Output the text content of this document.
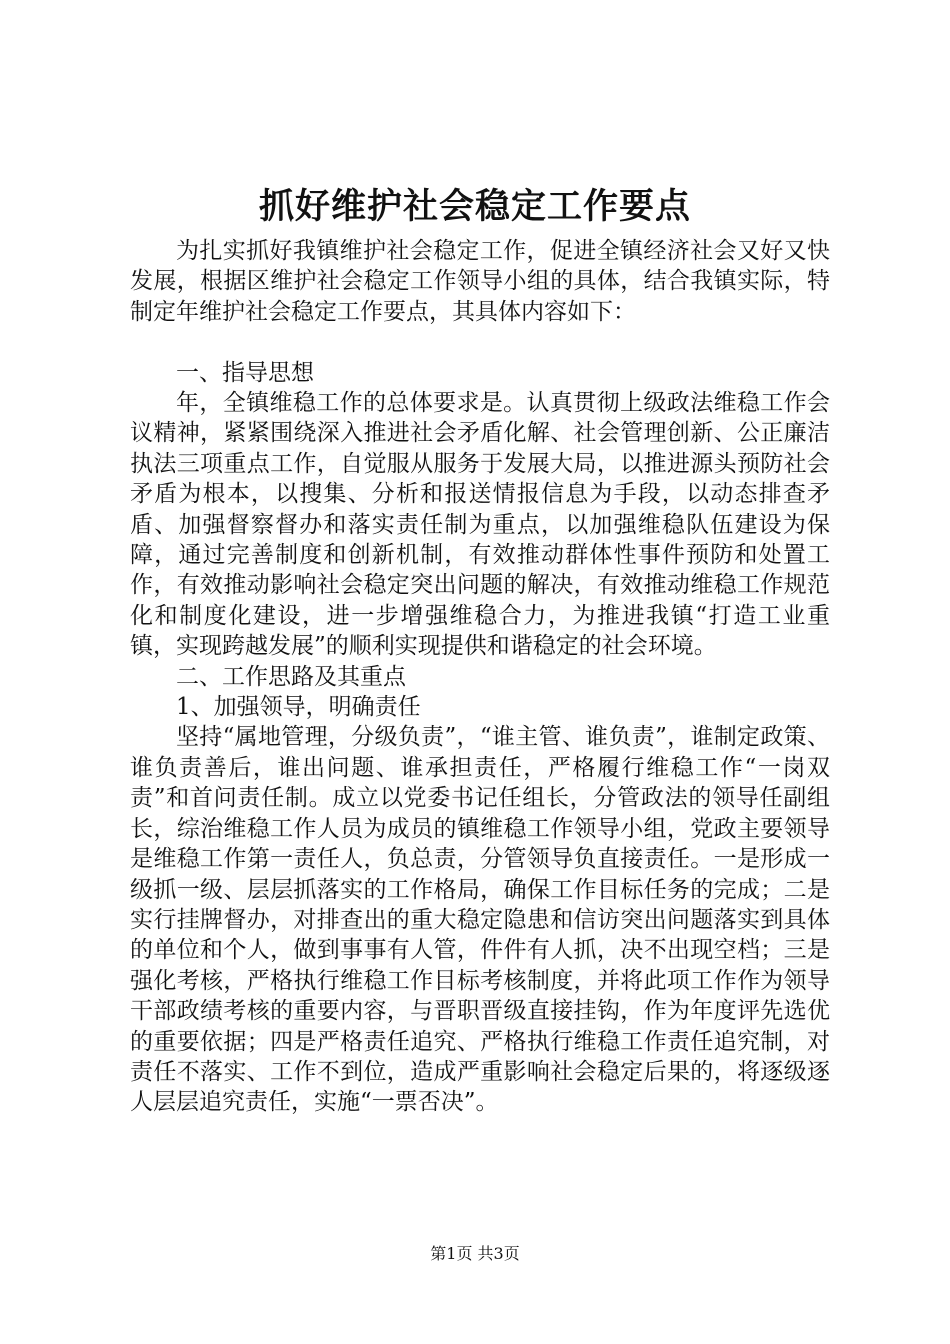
抓好维护社会稳定工作要点

为扎实抓好我镇维护社会稳定工作，促进全镇经济社会又好又快发展，根据区维护社会稳定工作领导小组的具体，结合我镇实际，特制定年维护社会稳定工作要点，其具体内容如下：

一、指导思想

年，全镇维稳工作的总体要求是。认真贯彻上级政法维稳工作会议精神，紧紧围绕深入推进社会矛盾化解、社会管理创新、公正廉洁执法三项重点工作，自觉服从服务于发展大局，以推进源头预防社会矛盾为根本，以搜集、分析和报送情报信息为手段，以动态排查矛盾、加强督察督办和落实责任制为重点，以加强维稳队伍建设为保障，通过完善制度和创新机制，有效推动群体性事件预防和处置工作，有效推动影响社会稳定突出问题的解决，有效推动维稳工作规范化和制度化建设，进一步增强维稳合力，为推进我镇“打造工业重镇，实现跨越发展”的顺利实现提供和谐稳定的社会环境。

二、工作思路及其重点

1、加强领导，明确责任

坚持“属地管理，分级负责”，“谁主管、谁负责”，谁制定政策、谁负责善后，谁出问题、谁承担责任，严格履行维稳工作“一岗双责”和首问责任制。成立以党委书记任组长，分管政法的领导任副组长，综治维稳工作人员为成员的镇维稳工作领导小组，党政主要领导是维稳工作第一责任人，负总责，分管领导负直接责任。一是形成一级抓一级、层层抓落实的工作格局，确保工作目标任务的完成；二是实行挂牌督办，对排查出的重大稳定隐患和信访突出问题落实到具体的单位和个人，做到事事有人管，件件有人抓，决不出现空档；三是强化考核，严格执行维稳工作目标考核制度，并将此项工作作为领导干部政绩考核的重要内容，与晋职晋级直接挂钩，作为年度评先选优的重要依据；四是严格责任追究、严格执行维稳工作责任追究制，对责任不落实、工作不到位，造成严重影响社会稳定后果的，将逐级逐人层层追究责任，实施“一票否决”。

第1页 共3页
